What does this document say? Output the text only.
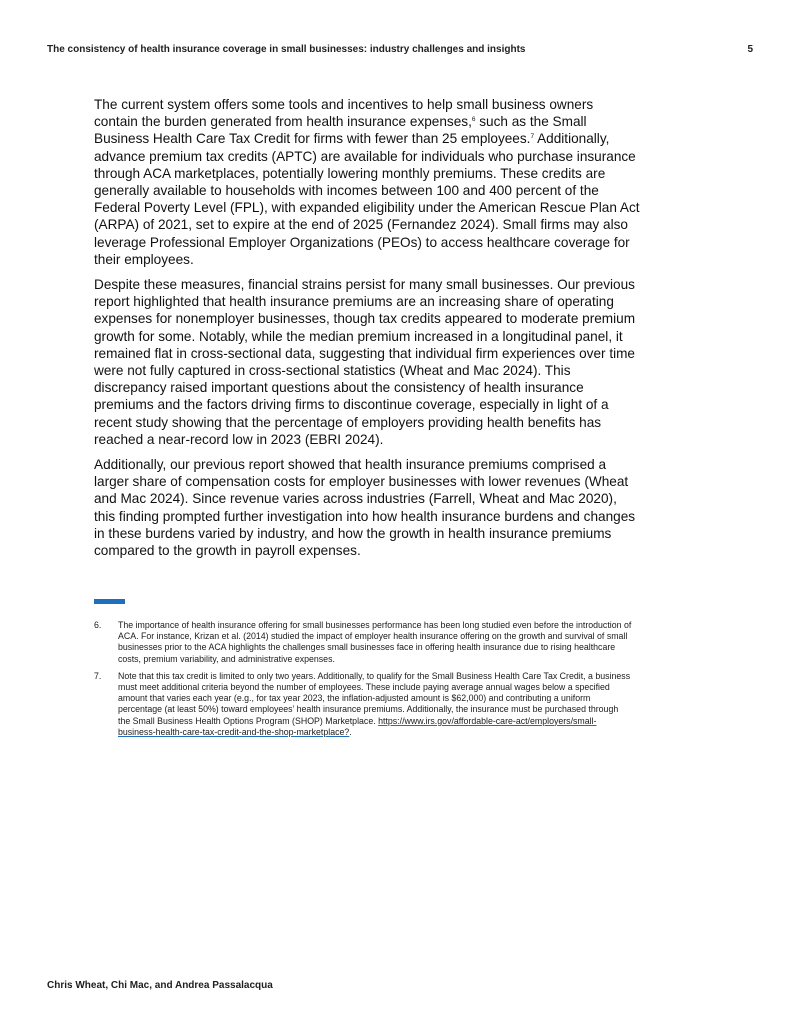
The consistency of health insurance coverage in small businesses: industry challenges and insights	5

The current system offers some tools and incentives to help small business owners contain the burden generated from health insurance expenses,$^6$ such as the Small Business Health Care Tax Credit for firms with fewer than 25 employees.$^7$ Additionally, advance premium tax credits (APTC) are available for individuals who purchase insurance through ACA marketplaces, potentially lowering monthly premiums. These credits are generally available to households with incomes between 100 and 400 percent of the Federal Poverty Level (FPL), with expanded eligibility under the American Rescue Plan Act (ARPA) of 2021, set to expire at the end of 2025 (Fernandez 2024). Small firms may also leverage Professional Employer Organizations (PEOs) to access healthcare coverage for their employees.

Despite these measures, financial strains persist for many small businesses. Our previous report highlighted that health insurance premiums are an increasing share of operating expenses for nonemployer businesses, though tax credits appeared to moderate premium growth for some. Notably, while the median premium increased in a longitudinal panel, it remained flat in cross-sectional data, suggesting that individual firm experiences over time were not fully captured in cross-sectional statistics (Wheat and Mac 2024). This discrepancy raised important questions about the consistency of health insurance premiums and the factors driving firms to discontinue coverage, especially in light of a recent study showing that the percentage of employers providing health benefits has reached a near-record low in 2023 (EBRI 2024).

Additionally, our previous report showed that health insurance premiums comprised a larger share of compensation costs for employer businesses with lower revenues (Wheat and Mac 2024). Since revenue varies across industries (Farrell, Wheat and Mac 2020), this finding prompted further investigation into how health insurance burdens and changes in these burdens varied by industry, and how the growth in health insurance premiums compared to the growth in payroll expenses.

6.	The importance of health insurance offering for small businesses performance has been long studied even before the introduction of ACA. For instance, Krizan et al. (2014) studied the impact of employer health insurance offering on the growth and survival of small businesses prior to the ACA highlights the challenges small businesses face in offering health insurance due to rising healthcare costs, premium variability, and administrative expenses.
7.	Note that this tax credit is limited to only two years. Additionally, to qualify for the Small Business Health Care Tax Credit, a business must meet additional criteria beyond the number of employees. These include paying average annual wages below a specified amount that varies each year (e.g., for tax year 2023, the inflation-adjusted amount is $62,000) and contributing a uniform percentage (at least 50%) toward employees’ health insurance premiums. Additionally, the insurance must be purchased through the Small Business Health Options Program (SHOP) Marketplace. https://www.irs.gov/affordable-care-act/employers/small-business-health-care-tax-credit-and-the-shop-marketplace?.
Chris Wheat, Chi Mac, and Andrea Passalacqua
